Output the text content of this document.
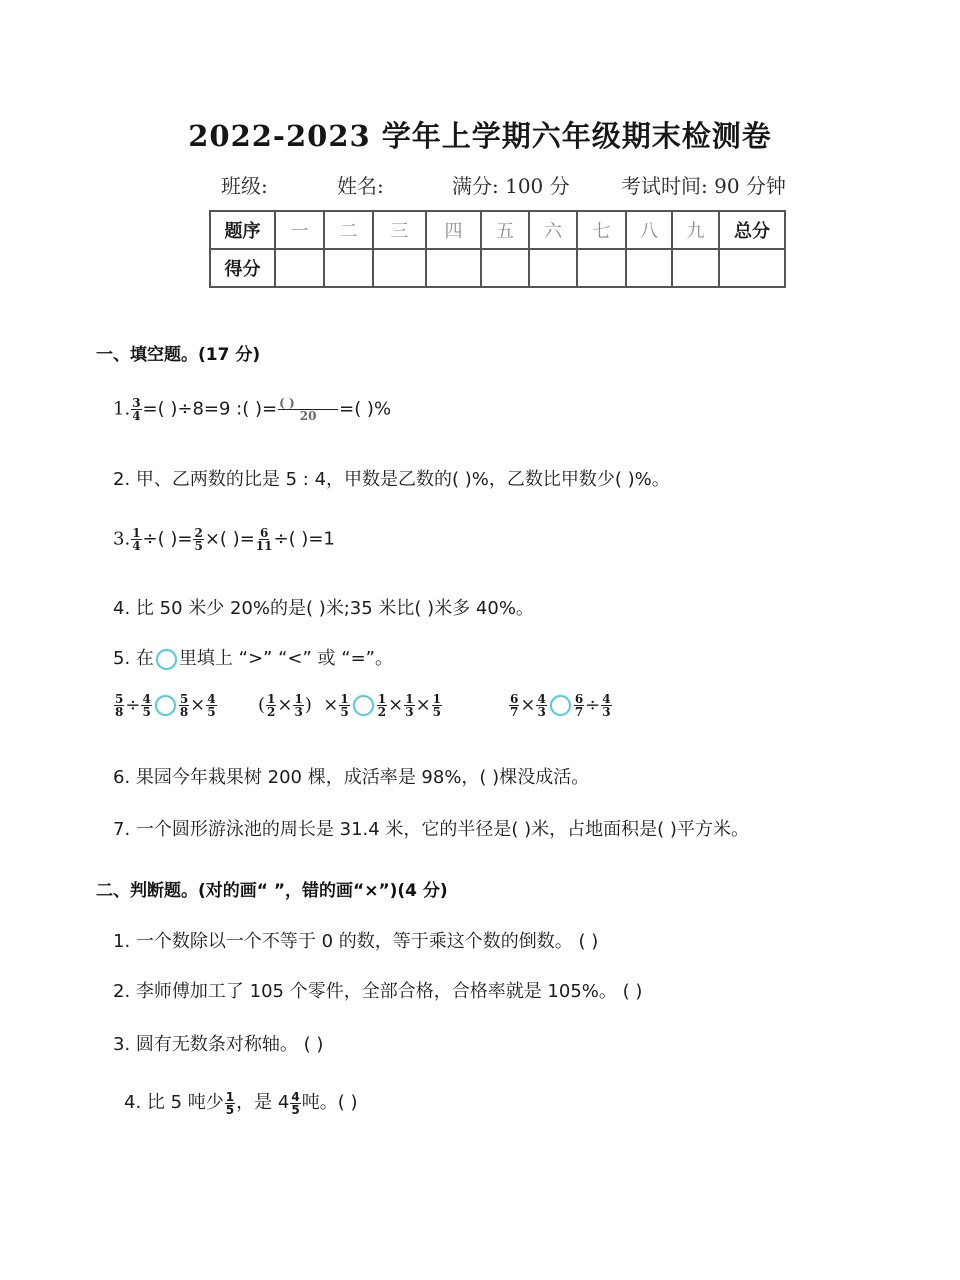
2022-2023 学年上学期六年级期末检测卷
班级:	姓名:	满分: 100 分	考试时间: 90 分钟
题序	一	二	三	四	五	六	七	八	九	总分
得分										
一、填空题。(17 分)
1. $\frac{3}{4}$ =( )÷8=9 :( )= $\frac{( )}{20}$ =( )%
2. 甲、乙两数的比是 5 : 4，甲数是乙数的( )%，乙数比甲数少( )%。
3. $\frac{1}{4}$ ÷( )= $\frac{2}{5}$ ×( )= $\frac{6}{11}$ ÷( )=1
4. 比 50 米少 20%的是( )米;35 米比( )米多 40%。
5. 在 里填上 “>” “<” 或 “=”。
$\frac{5}{8} \div \frac{4}{5} \frac{5}{8} \times \frac{4}{5}$ ( $\frac{1}{2} \times \frac{1}{3}$ )  × $\frac{1}{5} \frac{1}{2} \times \frac{1}{3} \times \frac{1}{5}$	$\frac{6}{7} \times \frac{4}{3} \frac{6}{7} \div \frac{4}{3}$
6. 果园今年栽果树 200 棵，成活率是 98%，( )棵没成活。
7. 一个圆形游泳池的周长是 31.4 米，它的半径是( )米，占地面积是( )平方米。
二、判断题。(对的画“ ”，错的画“×”)(4 分)
1. 一个数除以一个不等于 0 的数，等于乘这个数的倒数。 ( )
2. 李师傅加工了 105 个零件，全部合格，合格率就是 105%。 ( )
3. 圆有无数条对称轴。 ( )
4. 比 5 吨少 $\frac{1}{5}$ ，是 $4 \frac{4}{5}$ 吨。( )
